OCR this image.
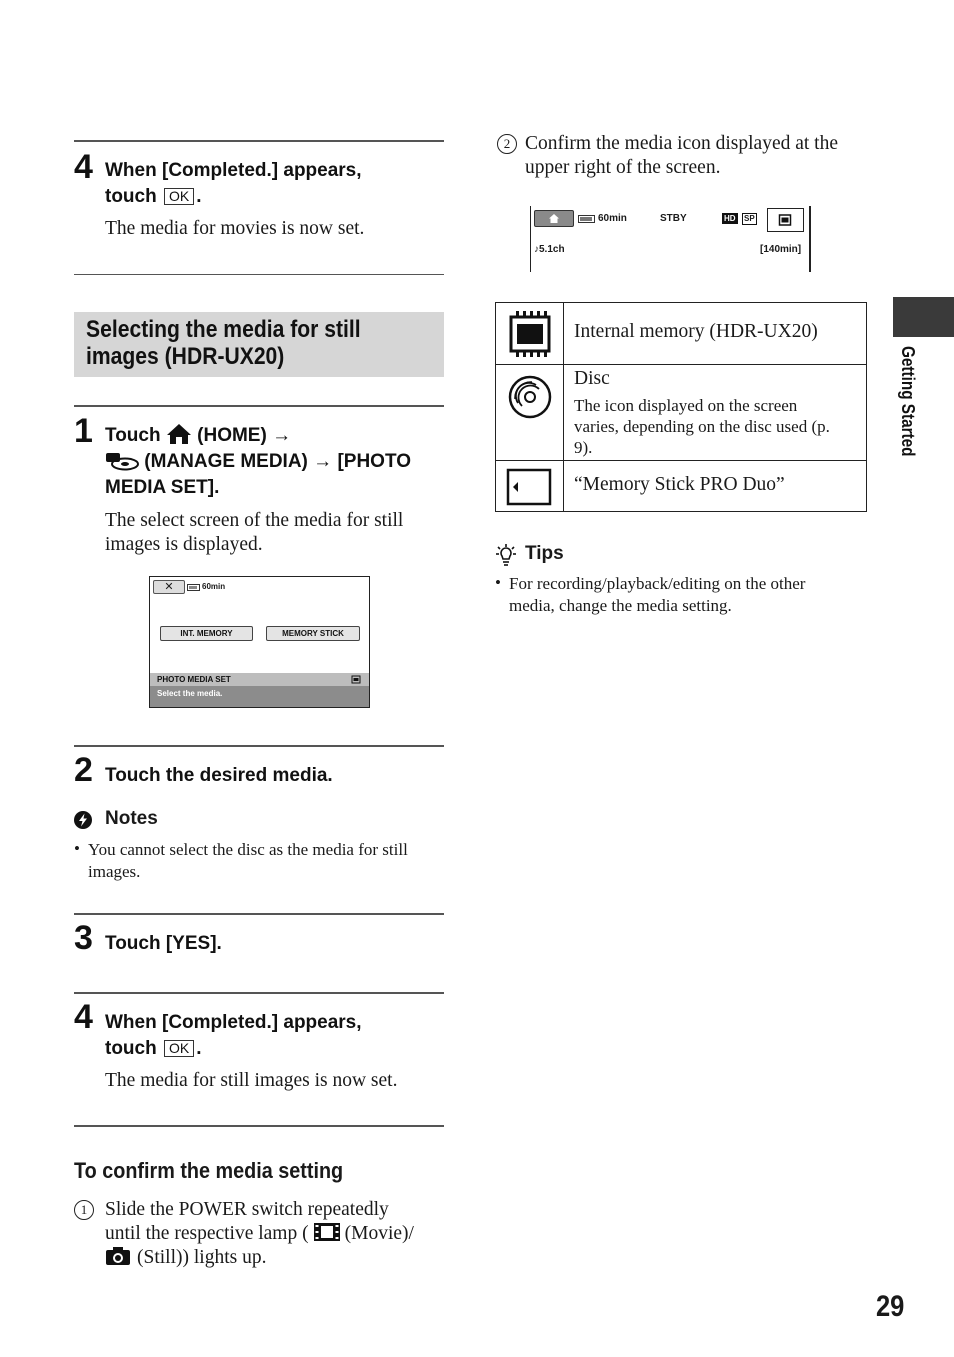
4 When [Completed.] appears,
touch OK .
The media for movies is now set.
Selecting the media for still images (HDR-UX20)
1 Touch (HOME) →
(MANAGE MEDIA) → [PHOTO
MEDIA SET].
The select screen of the media for still images is displayed.
✕	60min
INT. MEMORY	MEMORY STICK
PHOTO MEDIA SET
Select the media.
2 Touch the desired media.
Notes
• You cannot select the disc as the media for still images.
3 Touch [YES].
4 When [Completed.] appears,
touch OK .
The media for still images is now set.
To confirm the media setting
1 Slide the POWER switch repeatedly
until the respective lamp ( (Movie)/
(Still)) lights up.
2 Confirm the media icon displayed at the upper right of the screen.
60min	STBY	HD SP
♪5.1ch	[140min]
Internal memory (HDR-UX20)
Disc
The icon displayed on the screen varies, depending on the disc used (p. 9).
“Memory Stick PRO Duo”
Tips
• For recording/playback/editing on the other media, change the media setting.
Getting Started
29
